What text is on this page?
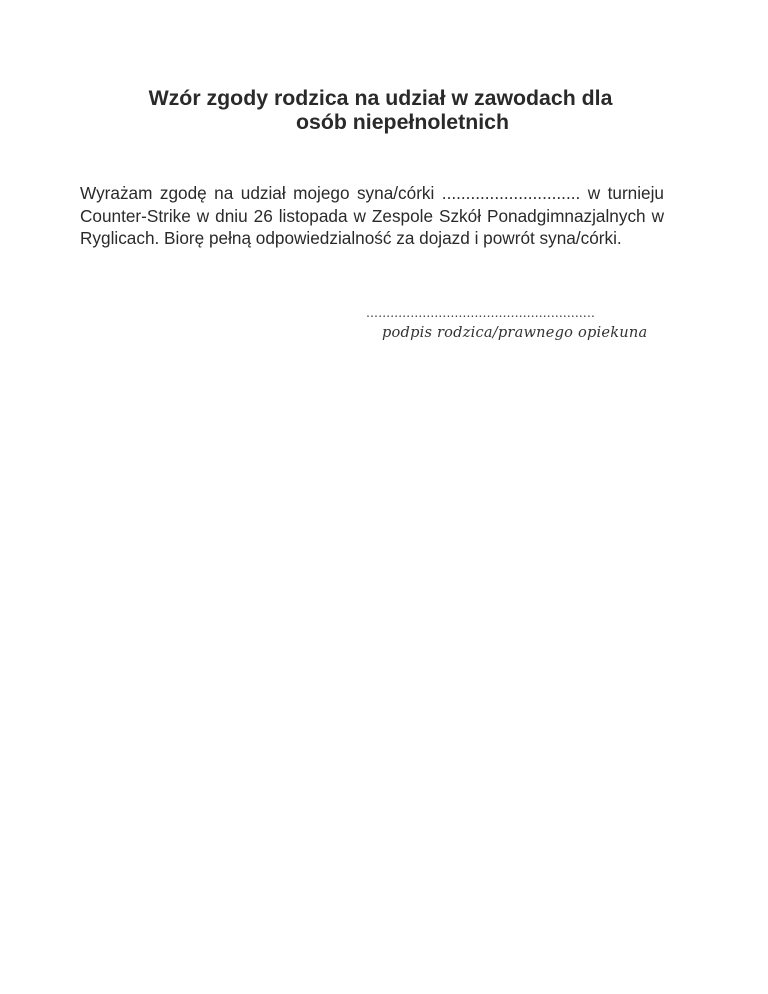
Wzór zgody rodzica na udział w zawodach dla
osób niepełnoletnich

Wyrażam zgodę na udział mojego syna/córki ............................. w turnieju Counter-Strike w dniu 26 listopada w Zespole Szkół Ponadgimnazjalnych w Ryglicach. Biorę pełną odpowiedzialność za dojazd i powrót syna/córki.

…......................................................
podpis rodzica/prawnego opiekuna
